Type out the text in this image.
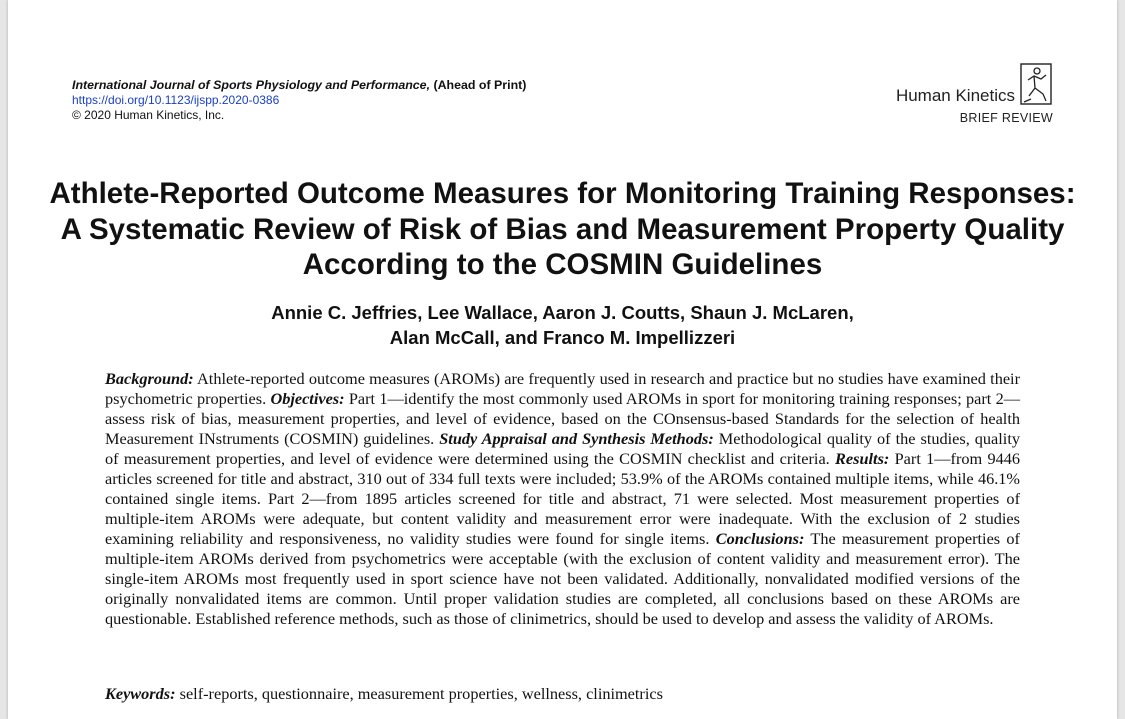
International Journal of Sports Physiology and Performance, (Ahead of Print)
https://doi.org/10.1123/ijspp.2020-0386
© 2020 Human Kinetics, Inc.
Human Kinetics
BRIEF REVIEW
Athlete-Reported Outcome Measures for Monitoring Training Responses: A Systematic Review of Risk of Bias and Measurement Property Quality According to the COSMIN Guidelines
Annie C. Jeffries, Lee Wallace, Aaron J. Coutts, Shaun J. McLaren,
Alan McCall, and Franco M. Impellizzeri
Background: Athlete-reported outcome measures (AROMs) are frequently used in research and practice but no studies have examined their psychometric properties. Objectives: Part 1—identify the most commonly used AROMs in sport for monitoring training responses; part 2—assess risk of bias, measurement properties, and level of evidence, based on the COnsensus-based Standards for the selection of health Measurement INstruments (COSMIN) guidelines. Study Appraisal and Synthesis Methods: Methodological quality of the studies, quality of measurement properties, and level of evidence were determined using the COSMIN checklist and criteria. Results: Part 1—from 9446 articles screened for title and abstract, 310 out of 334 full texts were included; 53.9% of the AROMs contained multiple items, while 46.1% contained single items. Part 2—from 1895 articles screened for title and abstract, 71 were selected. Most measurement properties of multiple-item AROMs were adequate, but content validity and measurement error were inadequate. With the exclusion of 2 studies examining reliability and responsiveness, no validity studies were found for single items. Conclusions: The measurement properties of multiple-item AROMs derived from psychometrics were acceptable (with the exclusion of content validity and measurement error). The single-item AROMs most frequently used in sport science have not been validated. Additionally, nonvalidated modified versions of the originally nonvalidated items are common. Until proper validation studies are completed, all conclusions based on these AROMs are questionable. Established reference methods, such as those of clinimetrics, should be used to develop and assess the validity of AROMs.
Keywords: self-reports, questionnaire, measurement properties, wellness, clinimetrics
